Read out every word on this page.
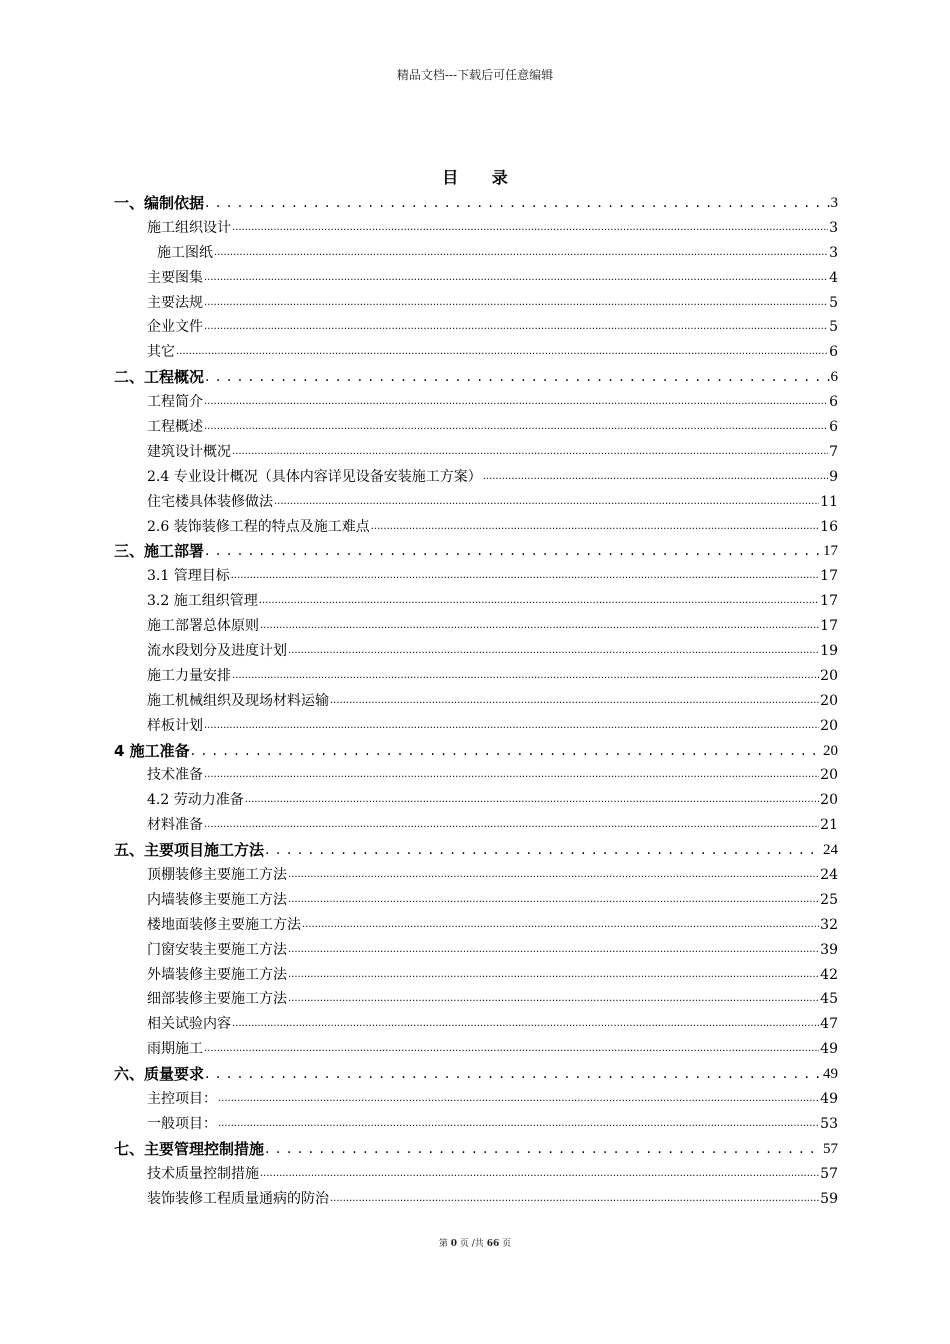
精品文档---下载后可任意编辑
目 录
一、编制依据 . . .	3
施工组织设计 .....	3
施工图纸 .....	3
主要图集 .....	4
主要法规 .....	5
企业文件 .....	5
其它 .....	6
二、工程概况 . . .	6
工程简介 .....	6
工程概述 .....	6
建筑设计概况 .....	7
2.4 专业设计概况（具体内容详见设备安装施工方案） .....	9
住宅楼具体装修做法 .....	11
2.6 装饰装修工程的特点及施工难点 .....	16
三、施工部署 . . .	17
3.1 管理目标 .....	17
3.2 施工组织管理 .....	17
施工部署总体原则 .....	17
流水段划分及进度计划 .....	19
施工力量安排 .....	20
施工机械组织及现场材料运输 .....	20
样板计划 .....	20
4 施工准备 . . .	20
技术准备 .....	20
4.2 劳动力准备 .....	20
材料准备 .....	21
五、主要项目施工方法 . . .	24
顶棚装修主要施工方法 .....	24
内墙装修主要施工方法 .....	25
楼地面装修主要施工方法 .....	32
门窗安装主要施工方法 .....	39
外墙装修主要施工方法 .....	42
细部装修主要施工方法 .....	45
相关试验内容 .....	47
雨期施工 .....	49
六、质量要求 . . .	49
主控项目： .....	49
一般项目： .....	53
七、主要管理控制措施 . . .	57
技术质量控制措施 .....	57
装饰装修工程质量通病的防治 .....	59
第 0 页 /共 66 页
